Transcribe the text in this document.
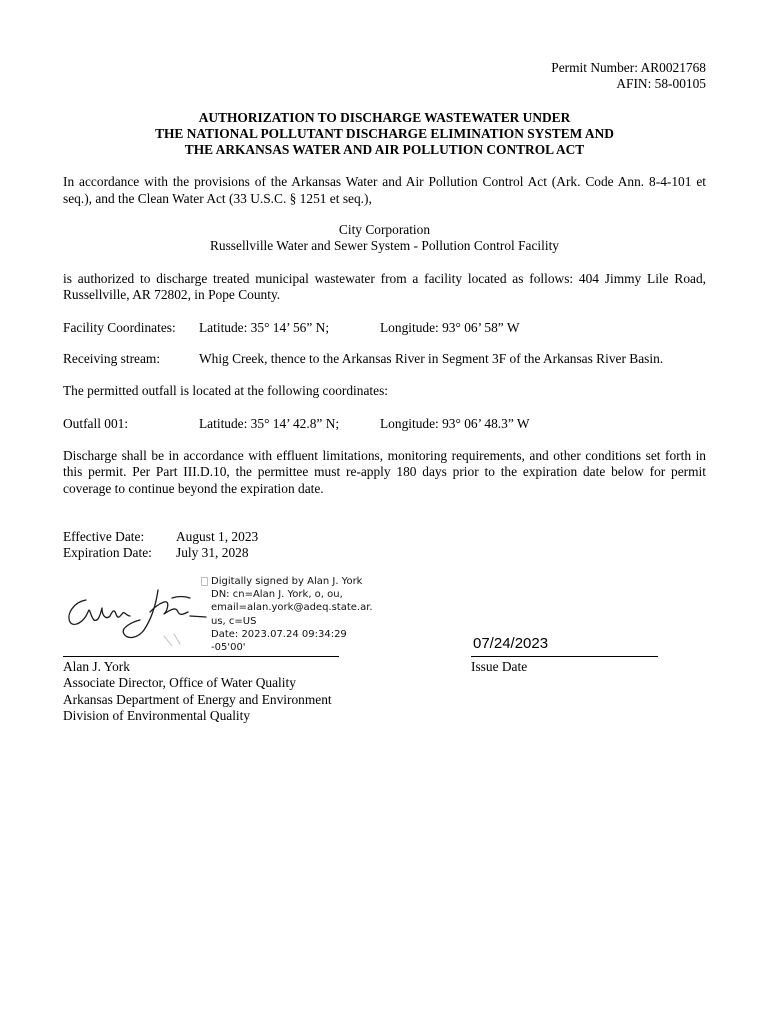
Permit Number: AR0021768

AFIN: 58-00105

AUTHORIZATION TO DISCHARGE WASTEWATER UNDER

THE NATIONAL POLLUTANT DISCHARGE ELIMINATION SYSTEM AND

THE ARKANSAS WATER AND AIR POLLUTION CONTROL ACT

In accordance with the provisions of the Arkansas Water and Air Pollution Control Act (Ark. Code Ann. 8-4-101 et

seq.), and the Clean Water Act (33 U.S.C. § 1251 et seq.),

City Corporation

Russellville Water and Sewer System - Pollution Control Facility

is authorized to discharge treated municipal wastewater from a facility located as follows: 404 Jimmy Lile Road,

Russellville, AR 72802, in Pope County.

Facility Coordinates: Latitude: 35° 14’ 56” N;	Longitude: 93° 06’ 58” W
Receiving stream:	Whig Creek, thence to the Arkansas River in Segment 3F of the Arkansas River Basin.

The permitted outfall is located at the following coordinates:

Outfall 001:	Latitude: 35° 14’ 42.8” N;	Longitude: 93° 06’ 48.3” W

Discharge shall be in accordance with effluent limitations, monitoring requirements, and other conditions set forth in

this permit. Per Part III.D.10, the permittee must re-apply 180 days prior to the expiration date below for permit

coverage to continue beyond the expiration date.

Effective Date: August 1, 2023
Expiration Date: July 31, 2028
Digitally signed by Alan J. York
DN: cn=Alan J. York, o, ou,
email=alan.york@adeq.state.ar.
us, c=US
Date: 2023.07.24 09:34:29
-05'00'

Alan J. York

Associate Director, Office of Water Quality

Arkansas Department of Energy and Environment

Division of Environmental Quality

07/24/2023

Issue Date
